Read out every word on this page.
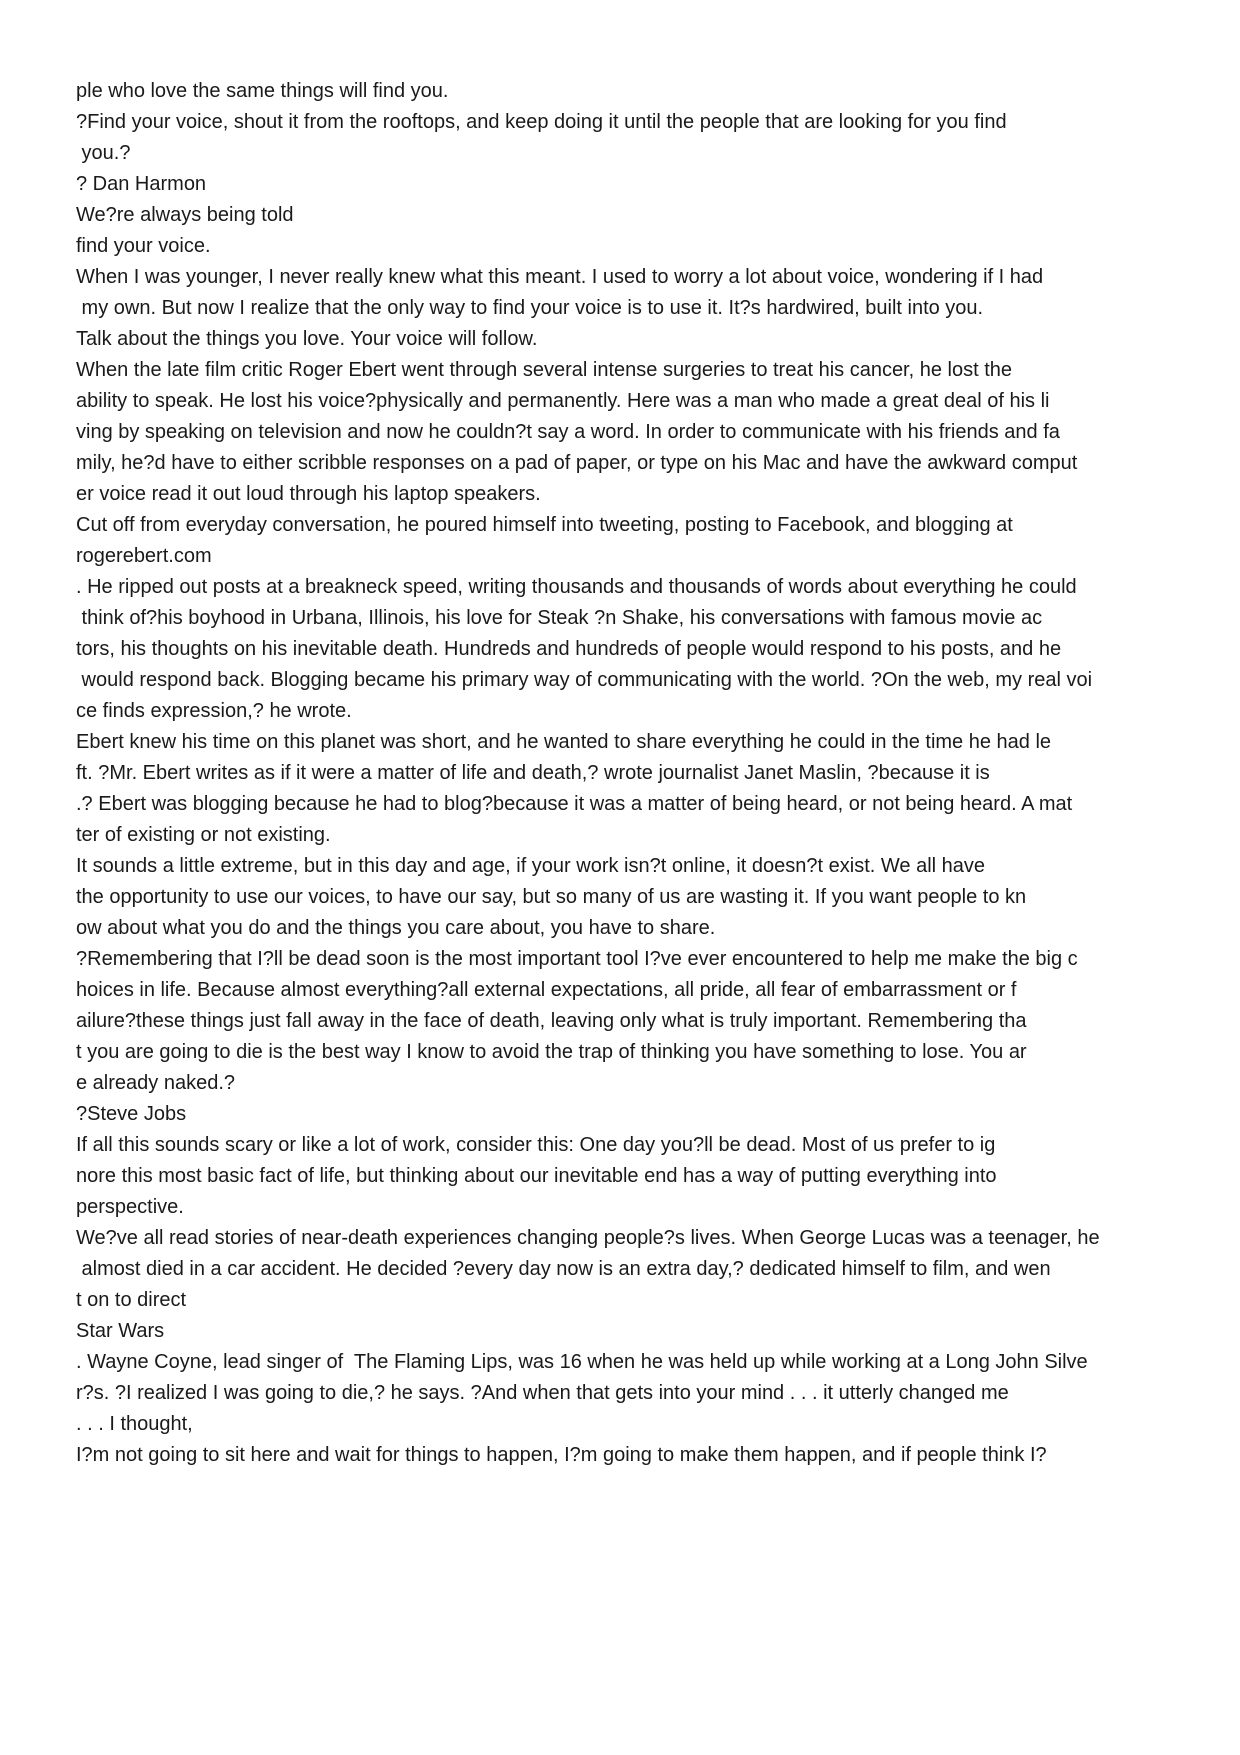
ple who love the same things will find you.
?Find your voice, shout it from the rooftops, and keep doing it until the people that are looking for you find
you.?
? Dan Harmon
We?re always being told
find your voice.
When I was younger, I never really knew what this meant. I used to worry a lot about voice, wondering if I had
my own. But now I realize that the only way to find your voice is to use it. It?s hardwired, built into you.
Talk about the things you love. Your voice will follow.
When the late film critic Roger Ebert went through several intense surgeries to treat his cancer, he lost the
ability to speak. He lost his voice?physically and permanently. Here was a man who made a great deal of his li
ving by speaking on television and now he couldn?t say a word. In order to communicate with his friends and fa
mily, he?d have to either scribble responses on a pad of paper, or type on his Mac and have the awkward comput
er voice read it out loud through his laptop speakers.
Cut off from everyday conversation, he poured himself into tweeting, posting to Facebook, and blogging at
rogerebert.com
. He ripped out posts at a breakneck speed, writing thousands and thousands of words about everything he could
think of?his boyhood in Urbana, Illinois, his love for Steak ?n Shake, his conversations with famous movie ac
tors, his thoughts on his inevitable death. Hundreds and hundreds of people would respond to his posts, and he
would respond back. Blogging became his primary way of communicating with the world. ?On the web, my real voi
ce finds expression,? he wrote.
Ebert knew his time on this planet was short, and he wanted to share everything he could in the time he had le
ft. ?Mr. Ebert writes as if it were a matter of life and death,? wrote journalist Janet Maslin, ?because it is
.? Ebert was blogging because he had to blog?because it was a matter of being heard, or not being heard. A mat
ter of existing or not existing.
It sounds a little extreme, but in this day and age, if your work isn?t online, it doesn?t exist. We all have
the opportunity to use our voices, to have our say, but so many of us are wasting it. If you want people to kn
ow about what you do and the things you care about, you have to share.
?Remembering that I?ll be dead soon is the most important tool I?ve ever encountered to help me make the big c
hoices in life. Because almost everything?all external expectations, all pride, all fear of embarrassment or f
ailure?these things just fall away in the face of death, leaving only what is truly important. Remembering tha
t you are going to die is the best way I know to avoid the trap of thinking you have something to lose. You ar
e already naked.?
?Steve Jobs
If all this sounds scary or like a lot of work, consider this: One day you?ll be dead. Most of us prefer to ig
nore this most basic fact of life, but thinking about our inevitable end has a way of putting everything into
perspective.
We?ve all read stories of near-death experiences changing people?s lives. When George Lucas was a teenager, he
almost died in a car accident. He decided ?every day now is an extra day,? dedicated himself to film, and wen
t on to direct
Star Wars
. Wayne Coyne, lead singer of  The Flaming Lips, was 16 when he was held up while working at a Long John Silve
r?s. ?I realized I was going to die,? he says. ?And when that gets into your mind . . . it utterly changed me
. . . I thought,
I?m not going to sit here and wait for things to happen, I?m going to make them happen, and if people think I?
